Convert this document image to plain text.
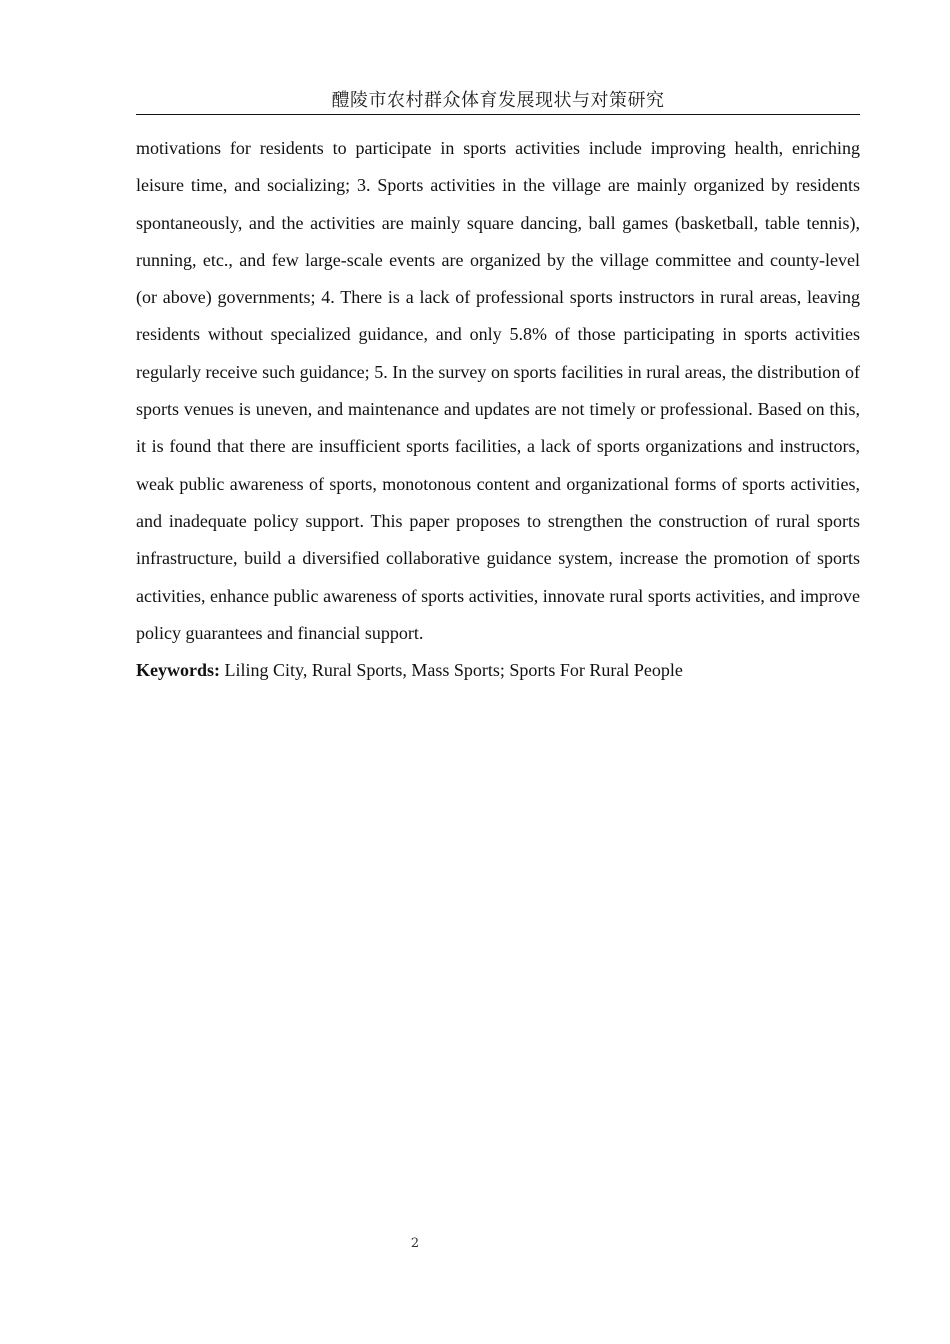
醴陵市农村群众体育发展现状与对策研究

motivations for residents to participate in sports activities include improving health, enriching leisure time, and socializing; 3. Sports activities in the village are mainly organized by residents spontaneously, and the activities are mainly square dancing, ball games (basketball, table tennis), running, etc., and few large-scale events are organized by the village committee and county-level (or above) governments; 4. There is a lack of professional sports instructors in rural areas, leaving residents without specialized guidance, and only 5.8% of those participating in sports activities regularly receive such guidance; 5. In the survey on sports facilities in rural areas, the distribution of sports venues is uneven, and maintenance and updates are not timely or professional. Based on this, it is found that there are insufficient sports facilities, a lack of sports organizations and instructors, weak public awareness of sports, monotonous content and organizational forms of sports activities, and inadequate policy support. This paper proposes to strengthen the construction of rural sports infrastructure, build a diversified collaborative guidance system, increase the promotion of sports activities, enhance public awareness of sports activities, innovate rural sports activities, and improve policy guarantees and financial support.

Keywords: Liling City, Rural Sports, Mass Sports; Sports For Rural People

2
